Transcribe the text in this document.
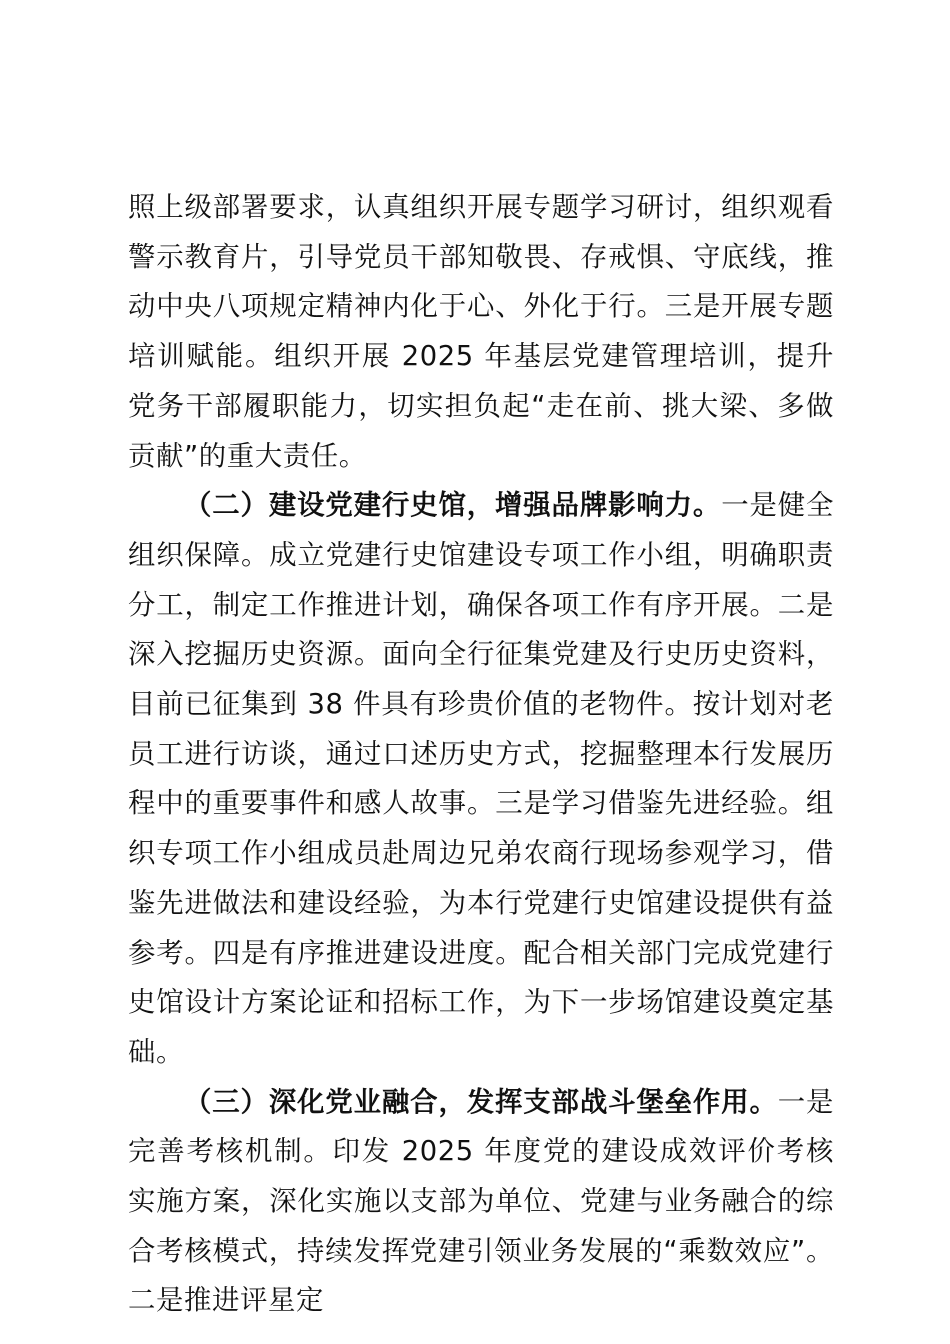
照上级部署要求，认真组织开展专题学习研讨，组织观看警示教育片，引导党员干部知敬畏、存戒惧、守底线，推动中央八项规定精神内化于心、外化于行。三是开展专题培训赋能。组织开展 2025 年基层党建管理培训，提升党务干部履职能力，切实担负起“走在前、挑大梁、多做贡献”的重大责任。

（二）建设党建行史馆，增强品牌影响力。一是健全组织保障。成立党建行史馆建设专项工作小组，明确职责分工，制定工作推进计划，确保各项工作有序开展。二是深入挖掘历史资源。面向全行征集党建及行史历史资料，目前已征集到 38 件具有珍贵价值的老物件。按计划对老员工进行访谈，通过口述历史方式，挖掘整理本行发展历程中的重要事件和感人故事。三是学习借鉴先进经验。组织专项工作小组成员赴周边兄弟农商行现场参观学习，借鉴先进做法和建设经验，为本行党建行史馆建设提供有益参考。四是有序推进建设进度。配合相关部门完成党建行史馆设计方案论证和招标工作，为下一步场馆建设奠定基础。

（三）深化党业融合，发挥支部战斗堡垒作用。一是完善考核机制。印发 2025 年度党的建设成效评价考核实施方案，深化实施以支部为单位、党建与业务融合的综合考核模式，持续发挥党建引领业务发展的“乘数效应”。二是推进评星定
